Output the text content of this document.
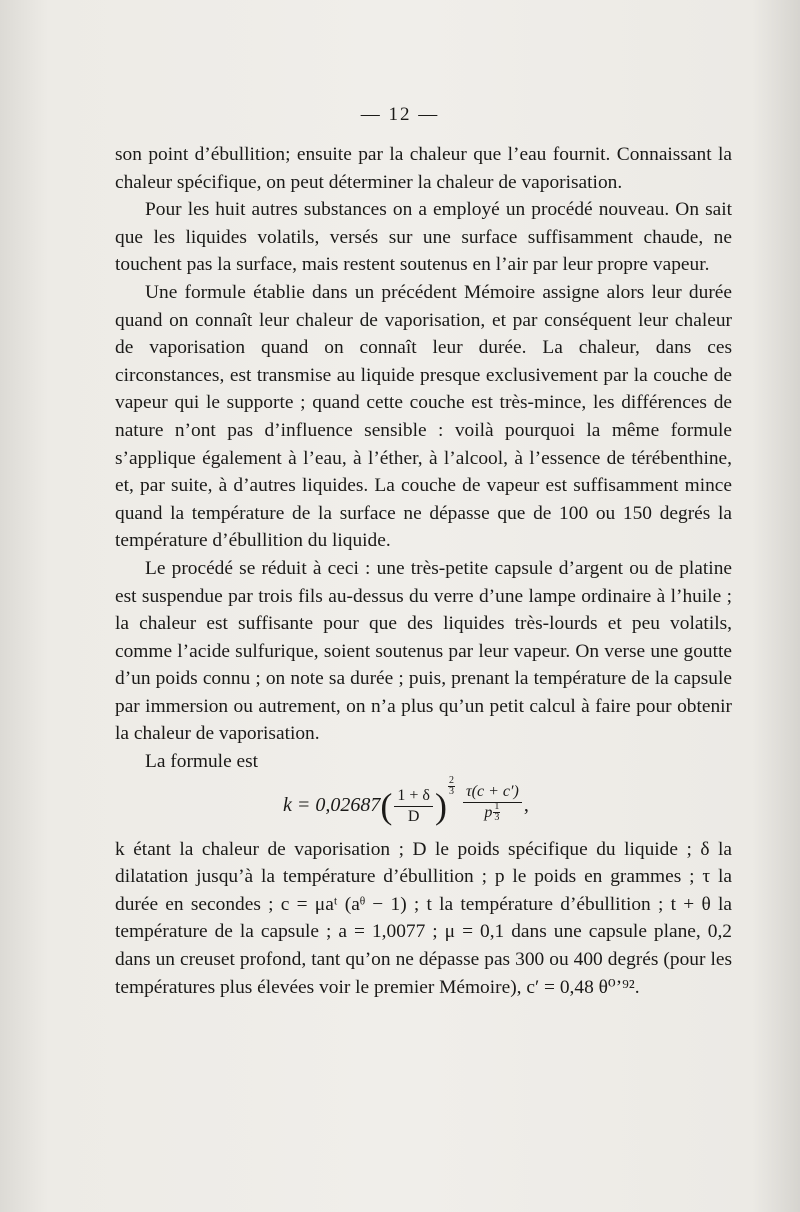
— 12 —

son point d’ébullition; ensuite par la chaleur que l’eau fournit. Connaissant la chaleur spécifique, on peut déterminer la chaleur de vaporisation.

Pour les huit autres substances on a employé un procédé nouveau. On sait que les liquides volatils, versés sur une surface suffisamment chaude, ne touchent pas la surface, mais restent soutenus en l’air par leur propre vapeur.

Une formule établie dans un précédent Mémoire assigne alors leur durée quand on connaît leur chaleur de vaporisation, et par conséquent leur chaleur de vaporisation quand on connaît leur durée. La chaleur, dans ces circonstances, est transmise au liquide presque exclusivement par la couche de vapeur qui le supporte ; quand cette couche est très-mince, les différences de nature n’ont pas d’influence sensible : voilà pourquoi la même formule s’applique également à l’eau, à l’éther, à l’alcool, à l’essence de térébenthine, et, par suite, à d’autres liquides. La couche de vapeur est suffisamment mince quand la température de la surface ne dépasse que de 100 ou 150 degrés la température d’ébullition du liquide.

Le procédé se réduit à ceci : une très-petite capsule d’argent ou de platine est suspendue par trois fils au-dessus du verre d’une lampe ordinaire à l’huile ; la chaleur est suffisante pour que des liquides très-lourds et peu volatils, comme l’acide sulfurique, soient soutenus par leur vapeur. On verse une goutte d’un poids connu ; on note sa durée ; puis, prenant la température de la capsule par immersion ou autrement, on n’a plus qu’un petit calcul à faire pour obtenir la chaleur de vaporisation.

La formule est

k = 0,02687 ( $\frac{1 + \delta}{D}$ ) $\frac{2}{3} \frac{\tau(c + c')}{p \frac{1}{3}}$ ,

k étant la chaleur de vaporisation ; D le poids spécifique du liquide ; δ la dilatation jusqu’à la température d’ébullition ; p le poids en grammes ; τ la durée en secondes ; c = μaᵗ (aᶿ − 1) ; t la température d’ébullition ; t + θ la température de la capsule ; a = 1,0077 ; μ = 0,1 dans une capsule plane, 0,2 dans un creuset profond, tant qu’on ne dépasse pas 300 ou 400 degrés (pour les températures plus élevées voir le premier Mémoire), c′ = 0,48 θ⁰ʼ⁹².
